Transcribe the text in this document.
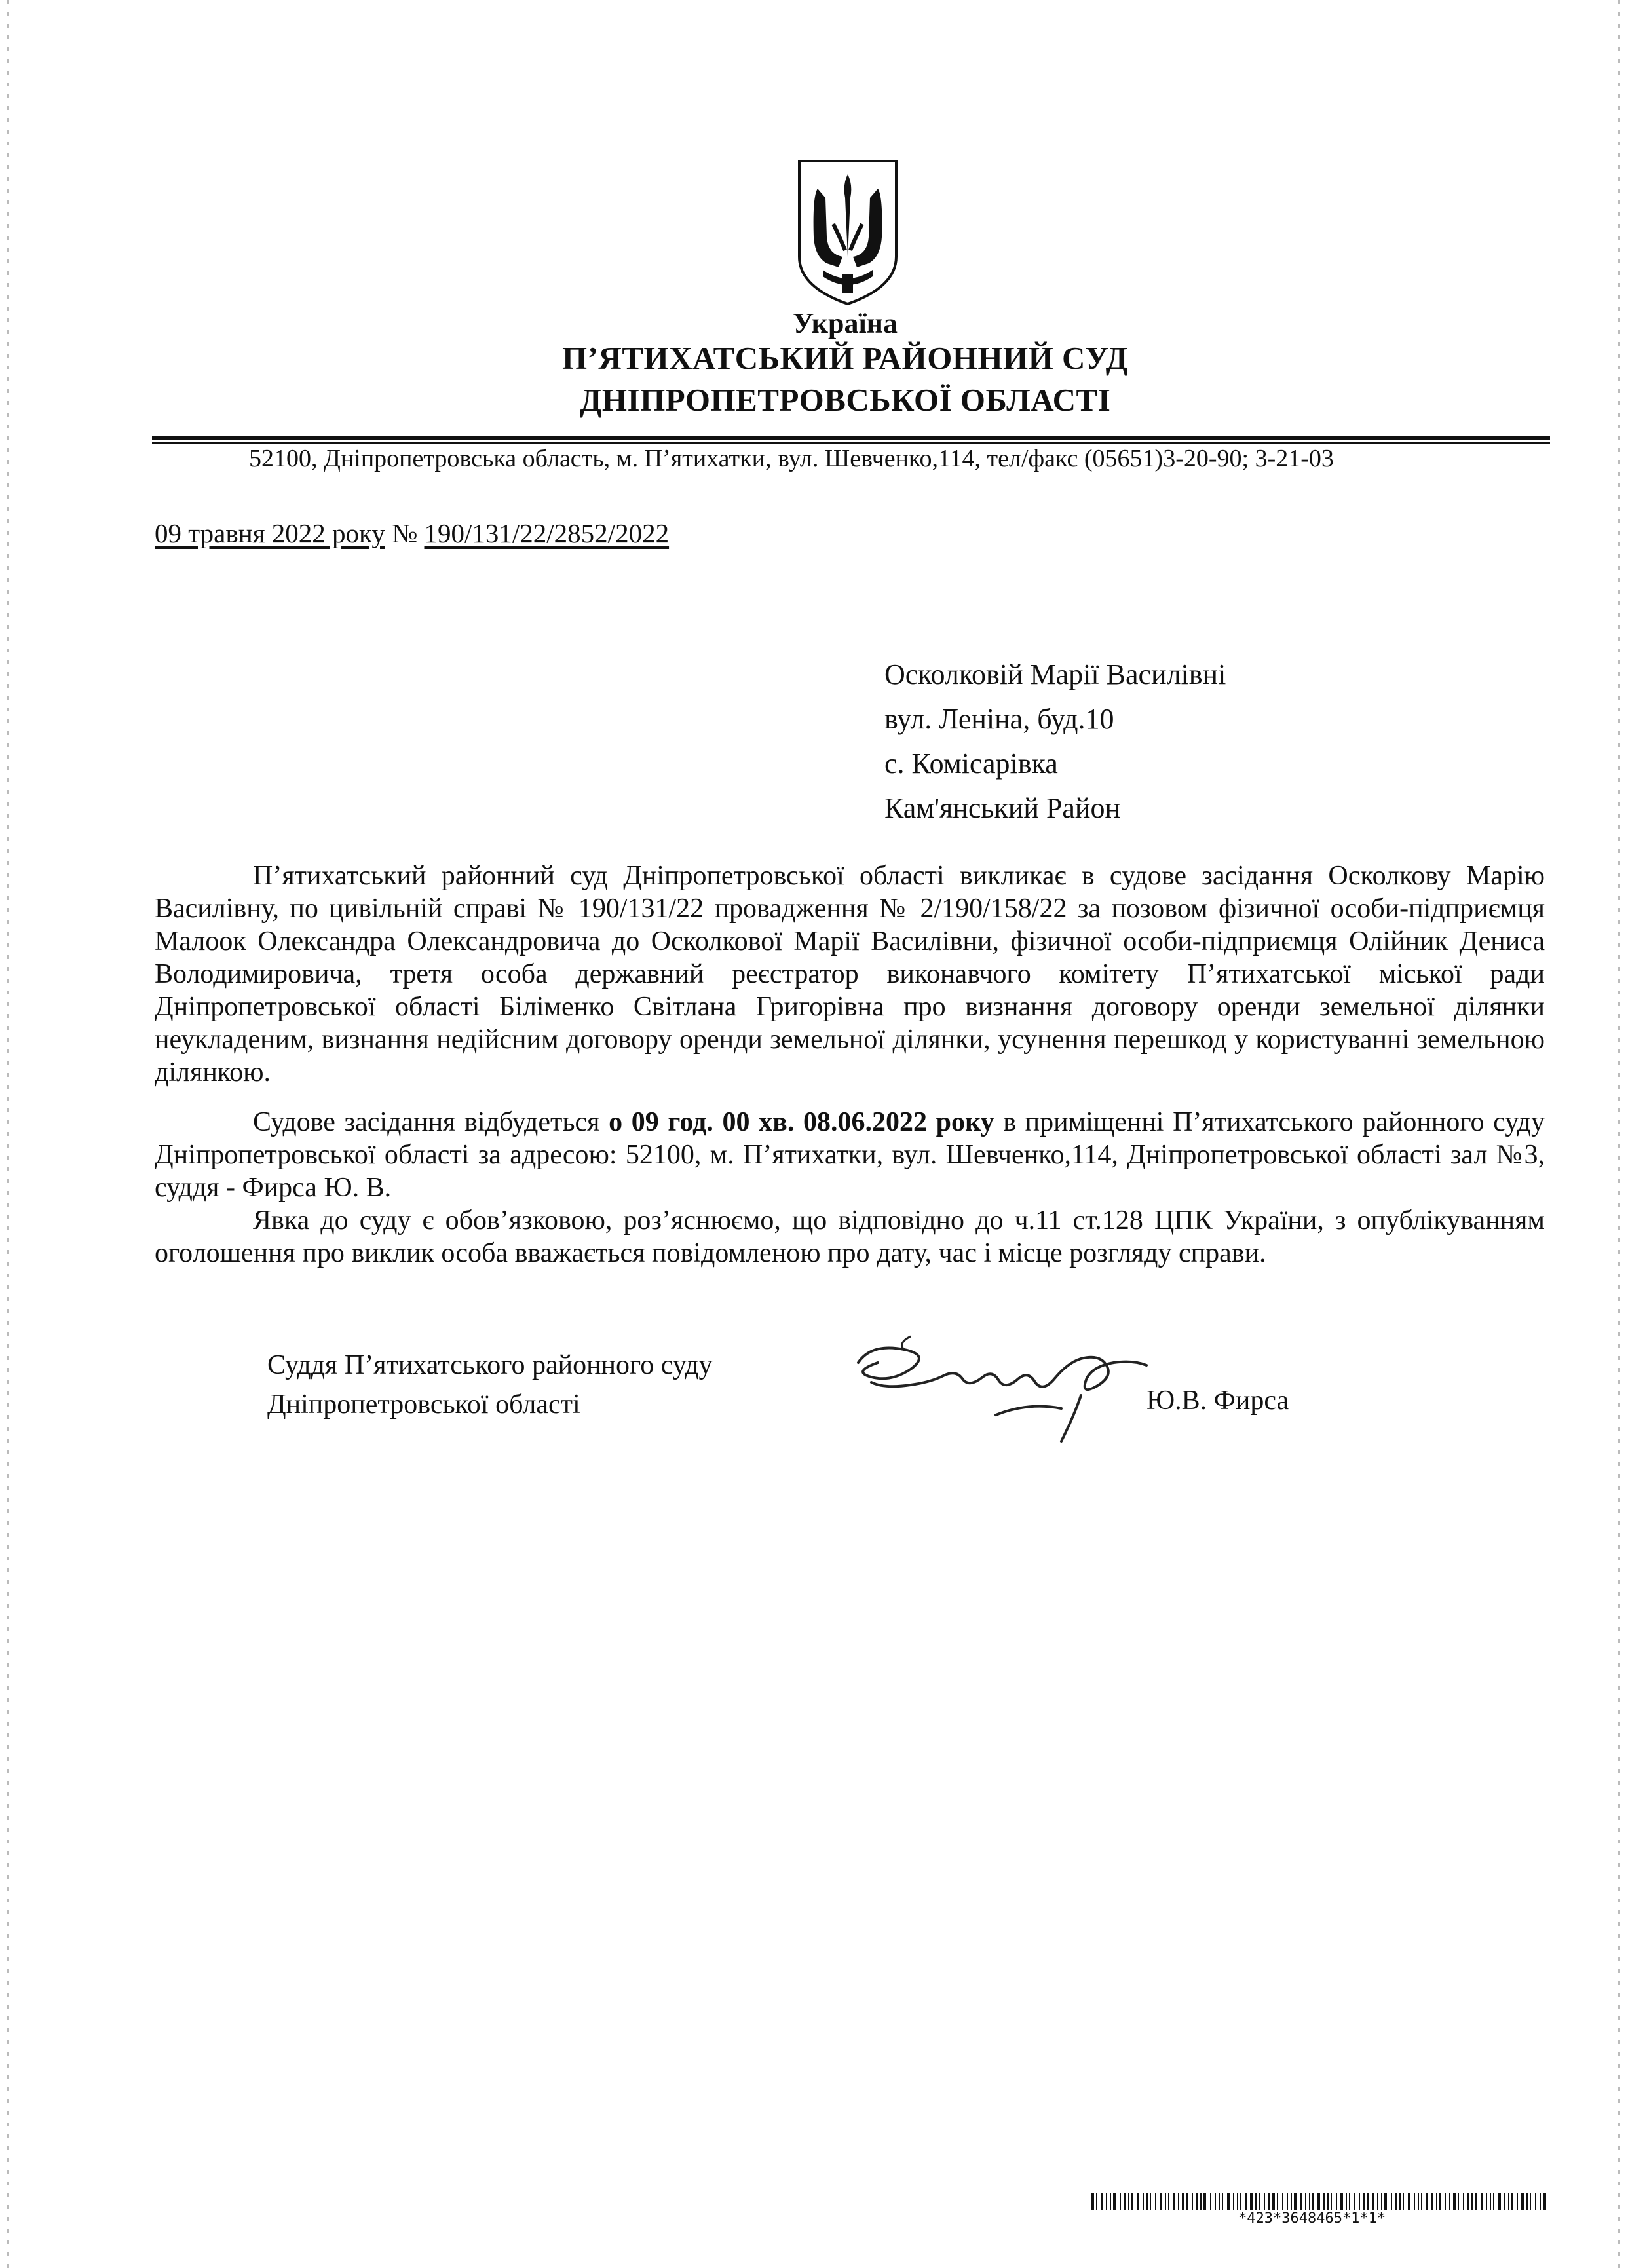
Україна
П’ЯТИХАТСЬКИЙ РАЙОННИЙ СУД
ДНІПРОПЕТРОВСЬКОЇ ОБЛАСТІ
52100, Дніпропетровська область, м. П’ятихатки, вул. Шевченко,114, тел/факс (05651)3-20-90; 3-21-03
09 травня 2022 року № 190/131/22/2852/2022
Осколковій Марії Василівні
вул. Леніна, буд.10
с. Комісарівка
Кам'янський Район
П’ятихатський районний суд Дніпропетровської області викликає в судове засідання Осколкову Марію Василівну, по цивільній справі № 190/131/22 провадження № 2/190/158/22 за позовом фізичної особи-підприємця Малоок Олександра Олександровича до Осколкової Марії Василівни, фізичної особи-підприємця Олійник Дениса Володимировича, третя особа державний реєстратор виконавчого комітету П’ятихатської міської ради Дніпропетровської області Біліменко Світлана Григорівна про визнання договору оренди земельної ділянки неукладеним, визнання недійсним договору оренди земельної ділянки, усунення перешкод у користуванні земельною ділянкою.
Судове засідання відбудеться о 09 год. 00 хв. 08.06.2022 року в приміщенні П’ятихатського районного суду Дніпропетровської області за адресою: 52100, м. П’ятихатки, вул. Шевченко,114, Дніпропетровської області зал №3, суддя - Фирса Ю. В.
Явка до суду є обов’язковою, роз’яснюємо, що відповідно до ч.11 ст.128 ЦПК України, з опублікуванням оголошення про виклик особа вважається повідомленою про дату, час і місце розгляду справи.
Суддя П’ятихатського районного суду
Дніпропетровської області	Ю.В. Фирса
*423*3648465*1*1*
